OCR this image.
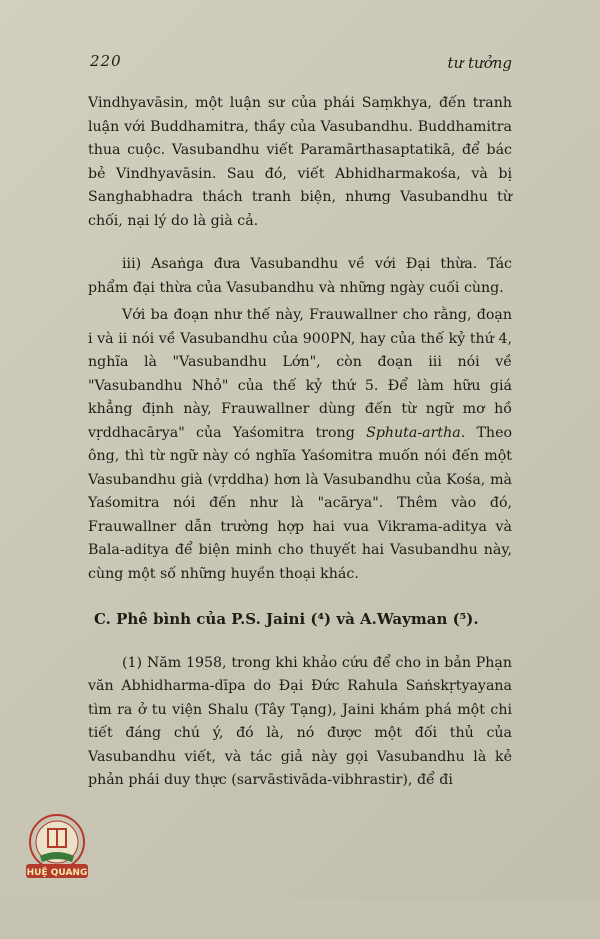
220	tư tưởng

Vindhyavāsin, một luận sư của phái Saṃkhya, đến tranh luận với Buddhamitra, thầy của Vasubandhu. Buddhamitra thua cuộc. Vasubandhu viết Paramārthasaptatikā, để bác bẻ Vindhyavāsin. Sau đó, viết Abhidharmakośa, và bị Sanghabhadra thách tranh biện, nhưng Vasubandhu từ chối, nại lý do là già cả.

iii) Asaṅga đưa Vasubandhu về với Đại thừa. Tác phẩm đại thừa của Vasubandhu và những ngày cuối cùng.

Với ba đoạn như thế này, Frauwallner cho rằng, đoạn i và ii nói về Vasubandhu của 900PN, hay của thế kỷ thứ 4, nghĩa là "Vasubandhu Lớn", còn đoạn iii nói về "Vasubandhu Nhỏ" của thế kỷ thứ 5. Để làm hữu giá khẳng định này, Frauwallner dùng đến từ ngữ mơ hồ vṛddhacārya" của Yaśomitra trong Sphuta-artha. Theo ông, thì từ ngữ này có nghĩa Yaśomitra muốn nói đến một Vasubandhu già (vṛddha) hơn là Vasubandhu của Kośa, mà Yaśomitra nói đến như là "acārya". Thêm vào đó, Frauwallner dẫn trường hợp hai vua Vikrama-aditya và Bala-aditya để biện minh cho thuyết hai Vasubandhu này, cùng một số những huyền thoại khác.

C. Phê bình của P.S. Jaini (⁴) và A.Wayman (⁵).

(1) Năm 1958, trong khi khảo cứu để cho in bản Phạn văn Abhidharma-dīpa do Đại Đức Rahula Saṅskṛtyayana tìm ra ở tu viện Shalu (Tây Tạng), Jaini khám phá một chi tiết đáng chú ý, đó là, nó được một đối thủ của Vasubandhu viết, và tác giả này gọi Vasubandhu là kẻ phản phái duy thực (sarvāstivāda-vibhrastir), để đi

HUỆ QUANG
